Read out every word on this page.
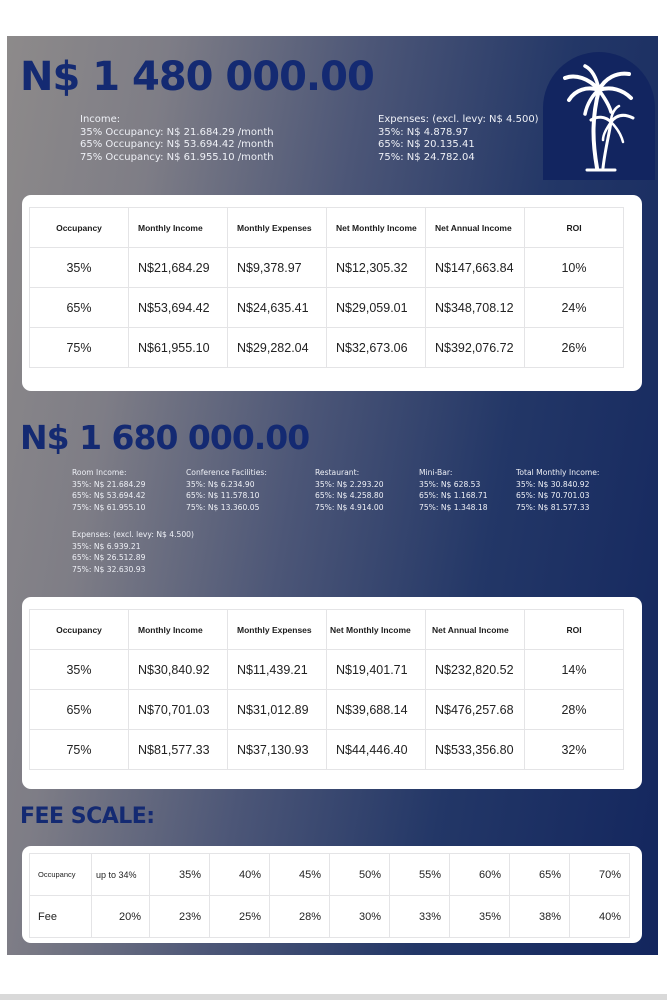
N$ 1 480 000.00
Income:
35% Occupancy: N$ 21.684.29 /month
65% Occupancy: N$ 53.694.42 /month
75% Occupancy: N$ 61.955.10 /month
Expenses: (excl. levy: N$ 4.500)
35%: N$ 4.878.97
65%: N$ 20.135.41
75%: N$ 24.782.04
Occupancy	Monthly Income	Monthly Expenses	Net Monthly Income	Net Annual Income	ROI
35%	N$21,684.29	N$9,378.97	N$12,305.32	N$147,663.84	10%
65%	N$53,694.42	N$24,635.41	N$29,059.01	N$348,708.12	24%
75%	N$61,955.10	N$29,282.04	N$32,673.06	N$392,076.72	26%
N$ 1 680 000.00
Room Income:
35%: N$ 21.684.29
65%: N$ 53.694.42
75%: N$ 61.955.10
Conference Facilities:
35%: N$ 6.234.90
65%: N$ 11.578.10
75%: N$ 13.360.05
Restaurant:
35%: N$ 2.293.20
65%: N$ 4.258.80
75%: N$ 4.914.00
Mini-Bar:
35%: N$ 628.53
65%: N$ 1.168.71
75%: N$ 1.348.18
Total Monthly Income:
35%: N$ 30.840.92
65%: N$ 70.701.03
75%: N$ 81.577.33
Expenses: (excl. levy: N$ 4.500)
35%: N$ 6.939.21
65%: N$ 26.512.89
75%: N$ 32.630.93
Occupancy	Monthly Income	Monthly Expenses	Net Monthly Income	Net Annual Income	ROI
35%	N$30,840.92	N$11,439.21	N$19,401.71	N$232,820.52	14%
65%	N$70,701.03	N$31,012.89	N$39,688.14	N$476,257.68	28%
75%	N$81,577.33	N$37,130.93	N$44,446.40	N$533,356.80	32%
FEE SCALE:
Occupancy	up to 34%	35%	40%	45%	50%	55%	60%	65%	70%
Fee	20%	23%	25%	28%	30%	33%	35%	38%	40%
